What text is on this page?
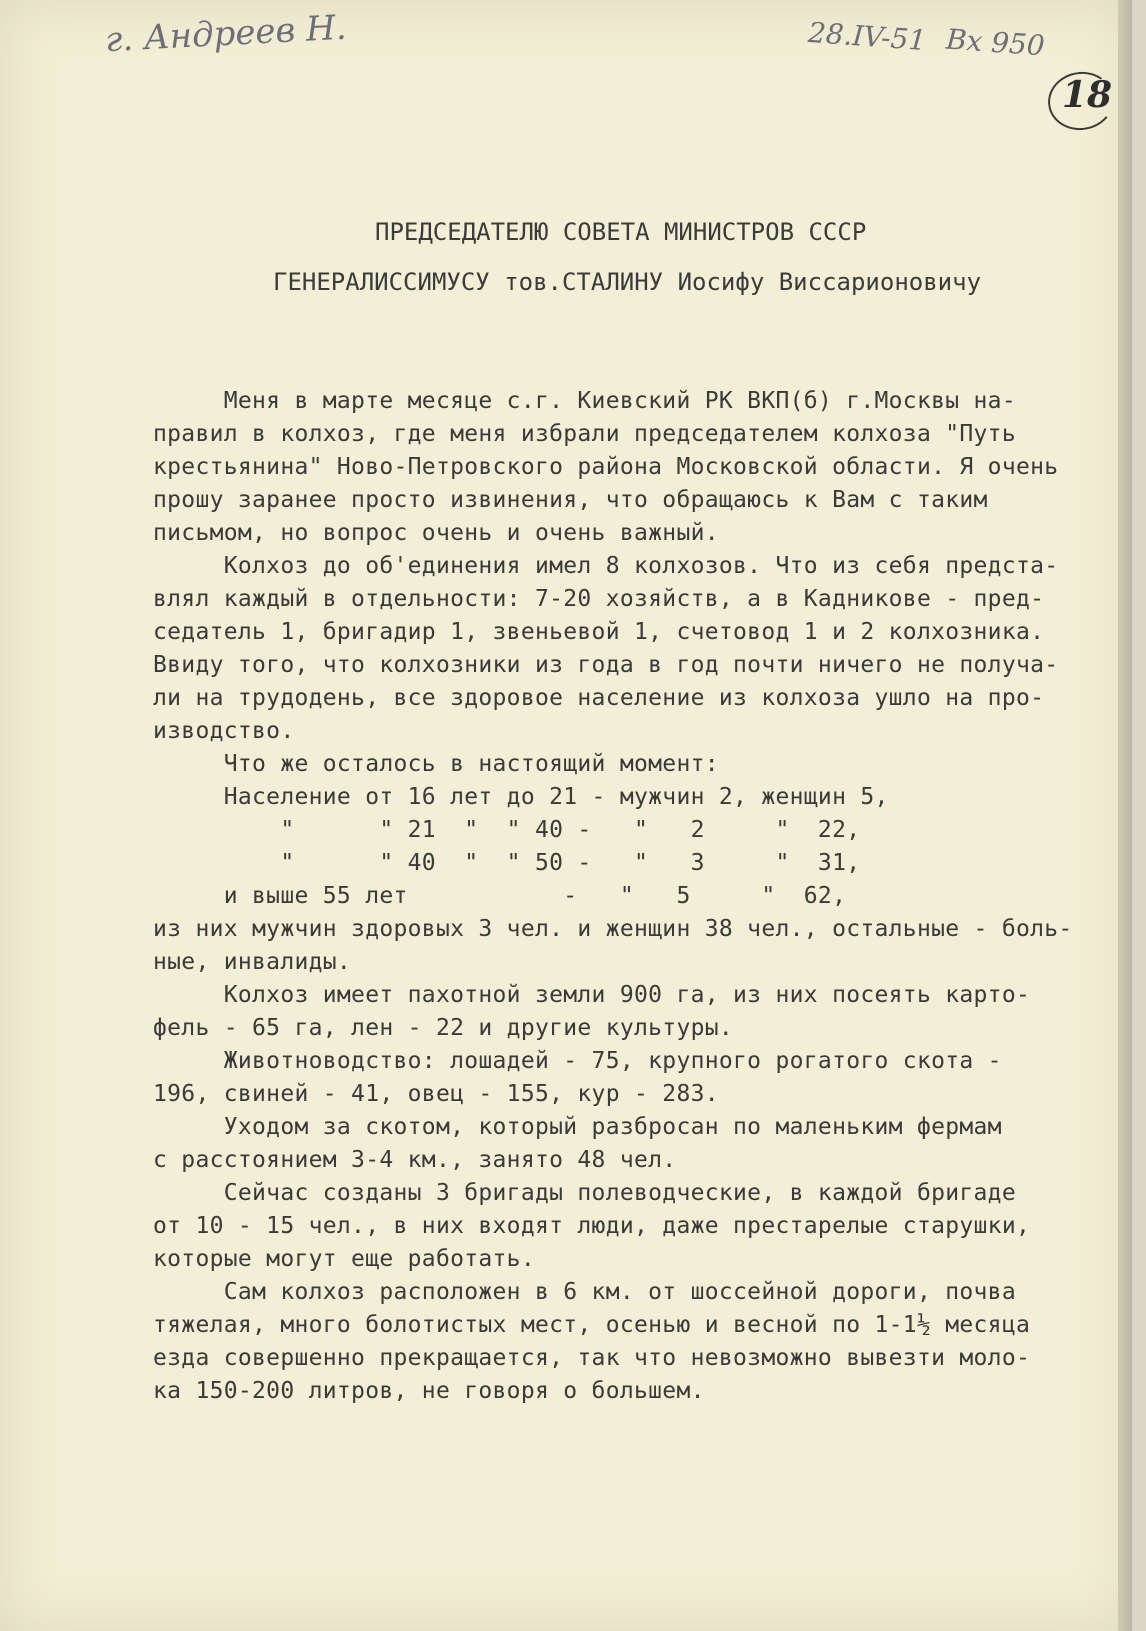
г. Андреев Н.	28.IV-51 Вх 950
18
ПРЕДСЕДАТЕЛЮ СОВЕТА МИНИСТРОВ СССР
ГЕНЕРАЛИССИМУСУ тов.СТАЛИНУ Иосифу Виссарионовичу
Меня в марте месяце с.г. Киевский РК ВКП(б) г.Москвы на-
правил в колхоз, где меня избрали председателем колхоза "Путь
крестьянина" Ново-Петровского района Московской области. Я очень
прошу заранее просто извинения, что обращаюсь к Вам с таким
письмом, но вопрос очень и очень важный.
Колхоз до об'единения имел 8 колхозов. Что из себя предста-
влял каждый в отдельности: 7-20 хозяйств, а в Кадникове - пред-
седатель 1, бригадир 1, звеньевой 1, счетовод 1 и 2 колхозника.
Ввиду того, что колхозники из года в год почти ничего не получа-
ли на трудодень, все здоровое население из колхоза ушло на про-
изводство.
Что же осталось в настоящий момент:
Население от 16 лет до 21 - мужчин 2, женщин 5,
"      " 21  "  " 40 -   "   2     "  22,
"      " 40  "  " 50 -   "   3     "  31,
и выше 55 лет           -   "   5     "  62,
из них мужчин здоровых 3 чел. и женщин 38 чел., остальные - боль-
ные, инвалиды.
Колхоз имеет пахотной земли 900 га, из них посеять карто-
фель - 65 га, лен - 22 и другие культуры.
Животноводство: лошадей - 75, крупного рогатого скота -
196, свиней - 41, овец - 155, кур - 283.
Уходом за скотом, который разбросан по маленьким фермам
с расстоянием 3-4 км., занято 48 чел.
Сейчас созданы 3 бригады полеводческие, в каждой бригаде
от 10 - 15 чел., в них входят люди, даже престарелые старушки,
которые могут еще работать.
Сам колхоз расположен в 6 км. от шоссейной дороги, почва
тяжелая, много болотистых мест, осенью и весной по 1-1½ месяца
езда совершенно прекращается, так что невозможно вывезти моло-
ка 150-200 литров, не говоря о большем.
